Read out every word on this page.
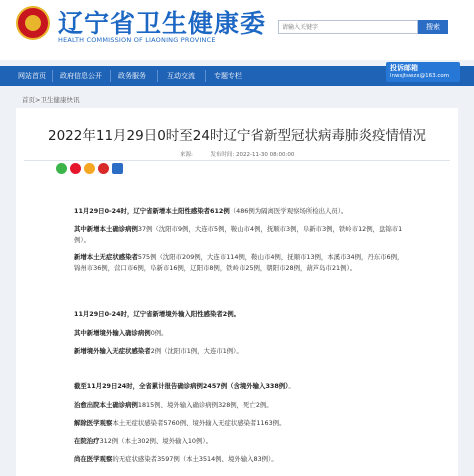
辽宁省卫生健康委
HEALTH COMMISSION OF LIAONING PROVINCE
请输入关键字
搜索
网站首页 政府信息公开 政务服务	互动交流	专题专栏
投诉邮箱
lnwsjtswzx@163.com
首页>卫生健康快讯
2022年11月29日0时至24时辽宁省新型冠状病毒肺炎疫情情况
来源:	发布时间: 2022-11-30 08:00:00
11月29日0-24时，辽宁省新增本土阳性感染者612例（486例为隔离医学观察场所检出人员）。
其中新增本土确诊病例37例（沈阳市9例，大连市5例，鞍山市4例，抚顺市3例，阜新市3例，铁岭市12例，盘锦市1例）。
新增本土无症状感染者575例（沈阳市209例，大连市114例，鞍山市4例，抚顺市13例，本溪市34例，丹东市6例，锦州市36例，营口市6例，阜新市16例，辽阳市8例，铁岭市25例，朝阳市28例，葫芦岛市21例）。
11月29日0-24时，辽宁省新增境外输入阳性感染者2例。
其中新增境外输入确诊病例0例。
新增境外输入无症状感染者2例（沈阳市1例，大连市1例）。
截至11月29日24时，全省累计报告确诊病例2457例（含境外输入338例）。
治愈出院本土确诊病例1815例、境外输入确诊病例328例，死亡2例。
解除医学观察本土无症状感染者5760例、境外输入无症状感染者1163例。
在院治疗312例（本土302例、境外输入10例）。
尚在医学观察的无症状感染者3597例（本土3514例、境外输入83例）。
